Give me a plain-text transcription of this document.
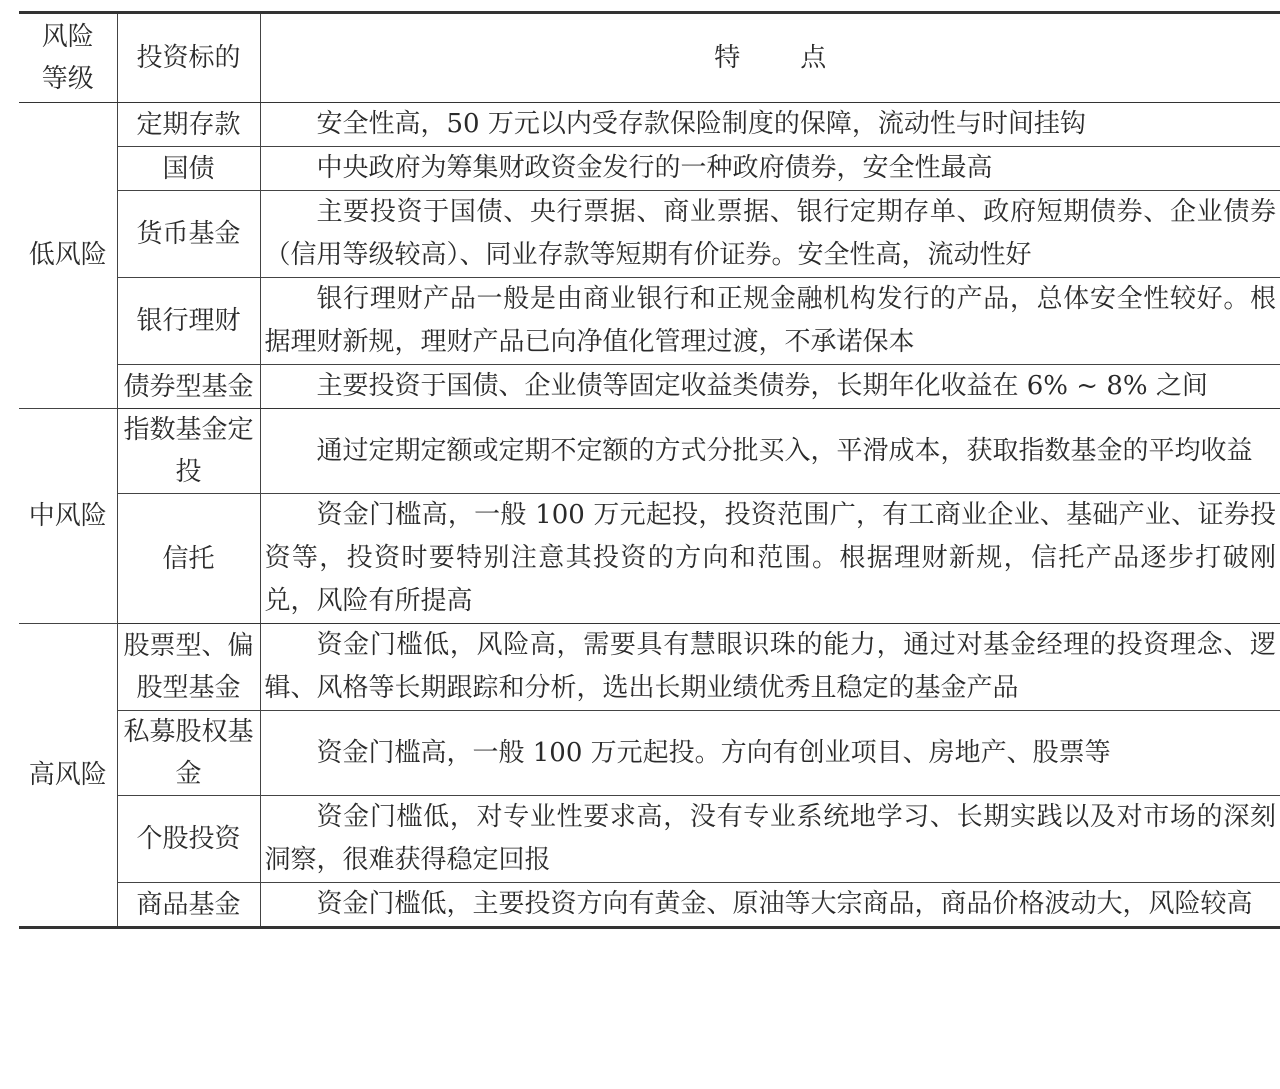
风险
等级	投资标的	特点
低风险	定期存款	安全性高，50 万元以内受存款保险制度的保障，流动性与时间挂钩
	国债	中央政府为筹集财政资金发行的一种政府债券，安全性最高
	货币基金	主要投资于国债、央行票据、商业票据、银行定期存单、政府短期债券、企业债券（信用等级较高）、同业存款等短期有价证券。安全性高，流动性好
	银行理财	银行理财产品一般是由商业银行和正规金融机构发行的产品，总体安全性较好。根据理财新规，理财产品已向净值化管理过渡，不承诺保本
	债券型基金	主要投资于国债、企业债等固定收益类债券，长期年化收益在 6% ~ 8% 之间
中风险	指数基金定投	通过定期定额或定期不定额的方式分批买入，平滑成本，获取指数基金的平均收益
	信托	资金门槛高，一般 100 万元起投，投资范围广，有工商业企业、基础产业、证券投资等，投资时要特别注意其投资的方向和范围。根据理财新规，信托产品逐步打破刚兑，风险有所提高
高风险	股票型、偏股型基金	资金门槛低，风险高，需要具有慧眼识珠的能力，通过对基金经理的投资理念、逻辑、风格等长期跟踪和分析，选出长期业绩优秀且稳定的基金产品
	私募股权基金	资金门槛高，一般 100 万元起投。方向有创业项目、房地产、股票等
	个股投资	资金门槛低，对专业性要求高，没有专业系统地学习、长期实践以及对市场的深刻洞察，很难获得稳定回报
	商品基金	资金门槛低，主要投资方向有黄金、原油等大宗商品，商品价格波动大，风险较高
